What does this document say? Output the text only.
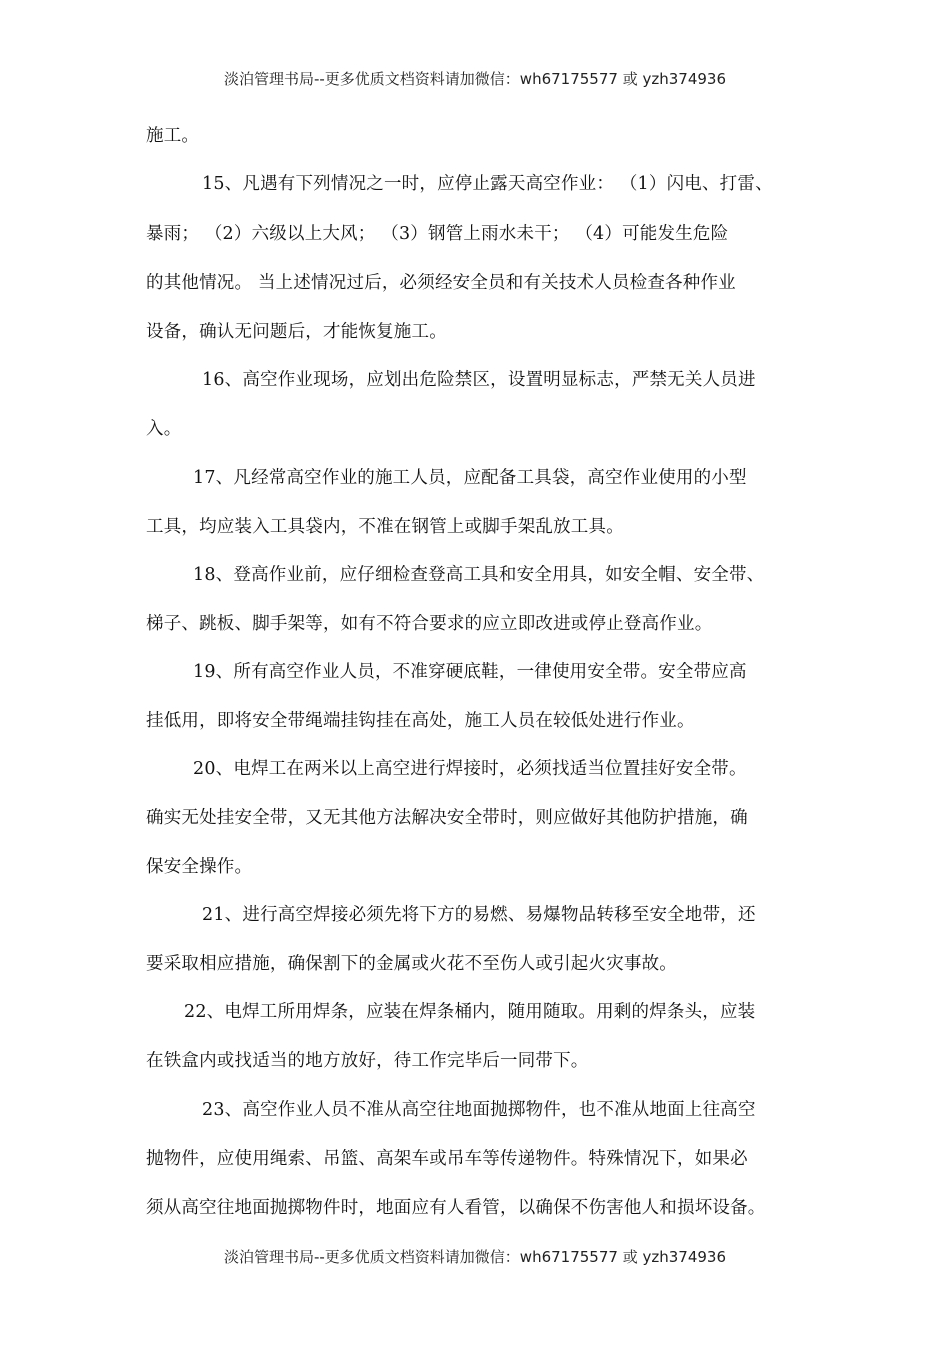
淡泊管理书局--更多优质文档资料请加微信：wh67175577 或 yzh374936
施工。
15、凡遇有下列情况之一时，应停止露天高空作业： （1）闪电、打雷、
暴雨； （2）六级以上大风； （3）钢管上雨水未干； （4）可能发生危险
的其他情况。 当上述情况过后，必须经安全员和有关技术人员检查各种作业
设备，确认无问题后，才能恢复施工。
16、高空作业现场，应划出危险禁区，设置明显标志，严禁无关人员进
入。
17、凡经常高空作业的施工人员，应配备工具袋，高空作业使用的小型
工具，均应装入工具袋内，不准在钢管上或脚手架乱放工具。
18、登高作业前，应仔细检查登高工具和安全用具，如安全帽、安全带、
梯子、跳板、脚手架等，如有不符合要求的应立即改进或停止登高作业。
19、所有高空作业人员，不准穿硬底鞋，一律使用安全带。安全带应高
挂低用，即将安全带绳端挂钩挂在高处，施工人员在较低处进行作业。
20、电焊工在两米以上高空进行焊接时，必须找适当位置挂好安全带。
确实无处挂安全带，又无其他方法解决安全带时，则应做好其他防护措施，确
保安全操作。
21、进行高空焊接必须先将下方的易燃、易爆物品转移至安全地带，还
要采取相应措施，确保割下的金属或火花不至伤人或引起火灾事故。
22、电焊工所用焊条，应装在焊条桶内，随用随取。用剩的焊条头，应装
在铁盒内或找适当的地方放好，待工作完毕后一同带下。
23、高空作业人员不准从高空往地面抛掷物件，也不准从地面上往高空
抛物件，应使用绳索、吊篮、高架车或吊车等传递物件。特殊情况下，如果必
须从高空往地面抛掷物件时，地面应有人看管，以确保不伤害他人和损坏设备。
淡泊管理书局--更多优质文档资料请加微信：wh67175577 或 yzh374936
